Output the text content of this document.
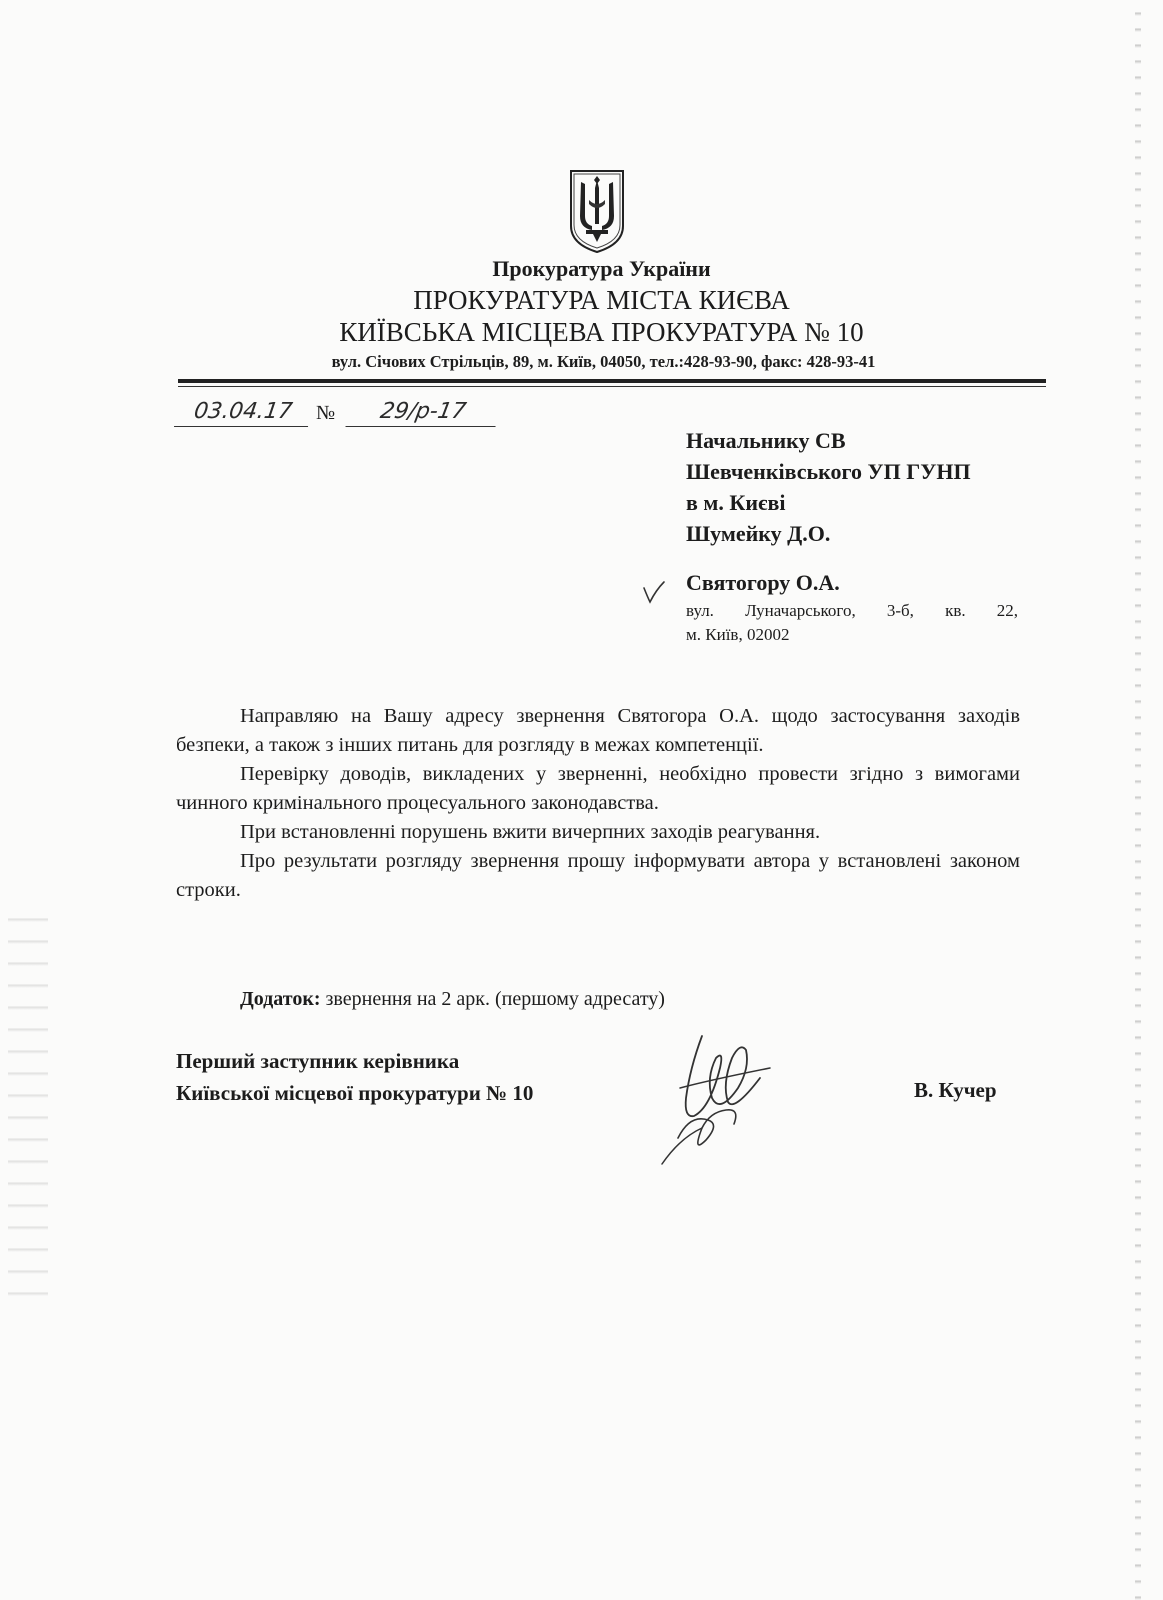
Прокуратура України
ПРОКУРАТУРА МІСТА КИЄВА
КИЇВСЬКА МІСЦЕВА ПРОКУРАТУРА № 10
вул. Січових Стрільців, 89, м. Київ, 04050, тел.:428-93-90, факс: 428-93-41
03.04.17	№	29/р-17
Начальнику СВ
Шевченківського УП ГУНП
в м. Києві
Шумейку Д.О.
Святогору О.А.
вул. Луначарського, 3-б, кв. 22,
м. Київ, 02002

Направляю на Вашу адресу звернення Святогора О.А. щодо застосування заходів безпеки, а також з інших питань для розгляду в межах компетенції.

Перевірку доводів, викладених у зверненні, необхідно провести згідно з вимогами чинного кримінального процесуального законодавства.

При встановленні порушень вжити вичерпних заходів реагування.

Про результати розгляду звернення прошу інформувати автора у встановлені законом строки.

Додаток: звернення на 2 арк. (першому адресату)
Перший заступник керівника
Київської місцевої прокуратури № 10	В. Кучер
